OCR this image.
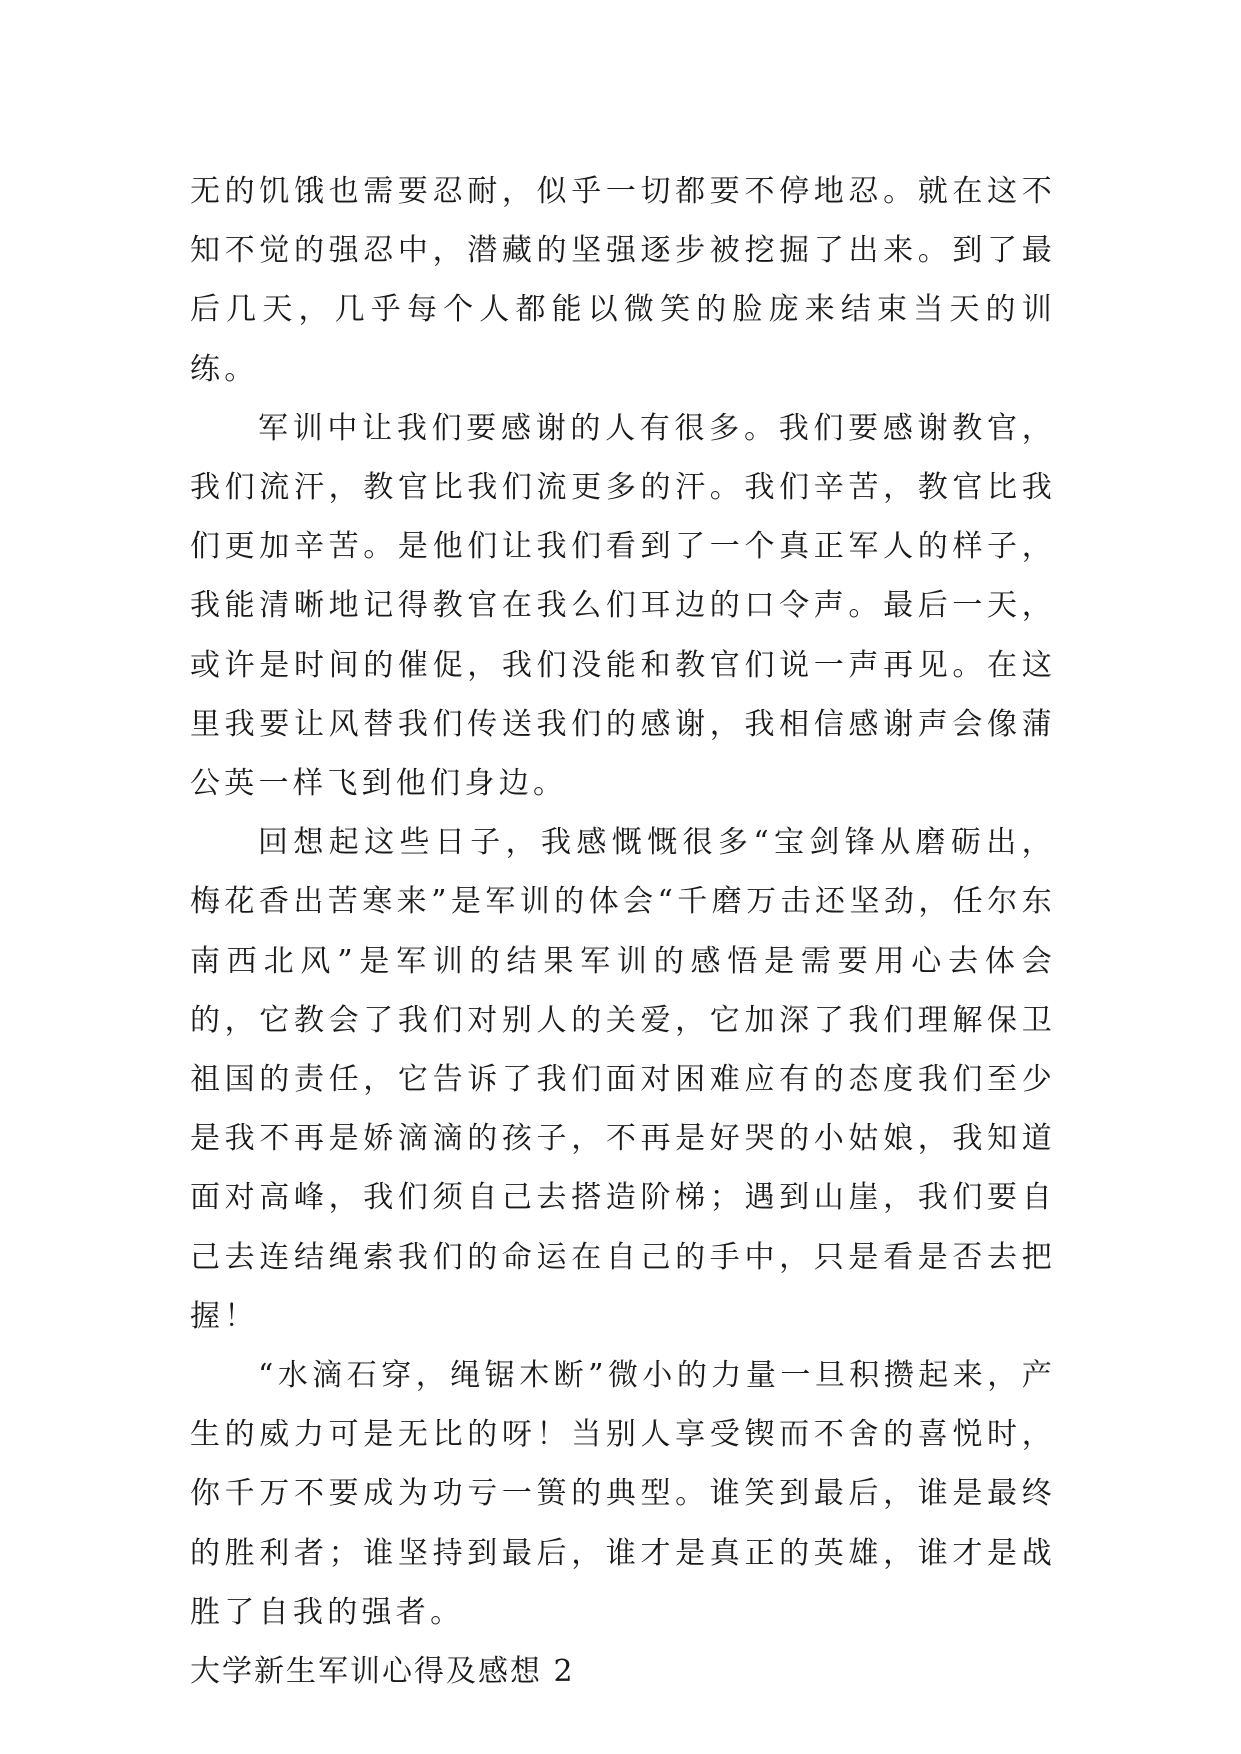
无的饥饿也需要忍耐，似乎一切都要不停地忍。就在这不知不觉的强忍中，潜藏的坚强逐步被挖掘了出来。到了最后几天，几乎每个人都能以微笑的脸庞来结束当天的训练。

军训中让我们要感谢的人有很多。我们要感谢教官，我们流汗，教官比我们流更多的汗。我们辛苦，教官比我们更加辛苦。是他们让我们看到了一个真正军人的样子，我能清晰地记得教官在我么们耳边的口令声。最后一天，或许是时间的催促，我们没能和教官们说一声再见。在这里我要让风替我们传送我们的感谢，我相信感谢声会像蒲公英一样飞到他们身边。

回想起这些日子，我感慨慨很多“宝剑锋从磨砺出，梅花香出苦寒来”是军训的体会“千磨万击还坚劲，任尔东南西北风”是军训的结果军训的感悟是需要用心去体会的，它教会了我们对别人的关爱，它加深了我们理解保卫祖国的责任，它告诉了我们面对困难应有的态度我们至少是我不再是娇滴滴的孩子，不再是好哭的小姑娘，我知道面对高峰，我们须自己去搭造阶梯；遇到山崖，我们要自己去连结绳索我们的命运在自己的手中，只是看是否去把握！

“水滴石穿，绳锯木断”微小的力量一旦积攒起来，产生的威力可是无比的呀！当别人享受锲而不舍的喜悦时，你千万不要成为功亏一篑的典型。谁笑到最后，谁是最终的胜利者；谁坚持到最后，谁才是真正的英雄，谁才是战胜了自我的强者。

大学新生军训心得及感想 2
